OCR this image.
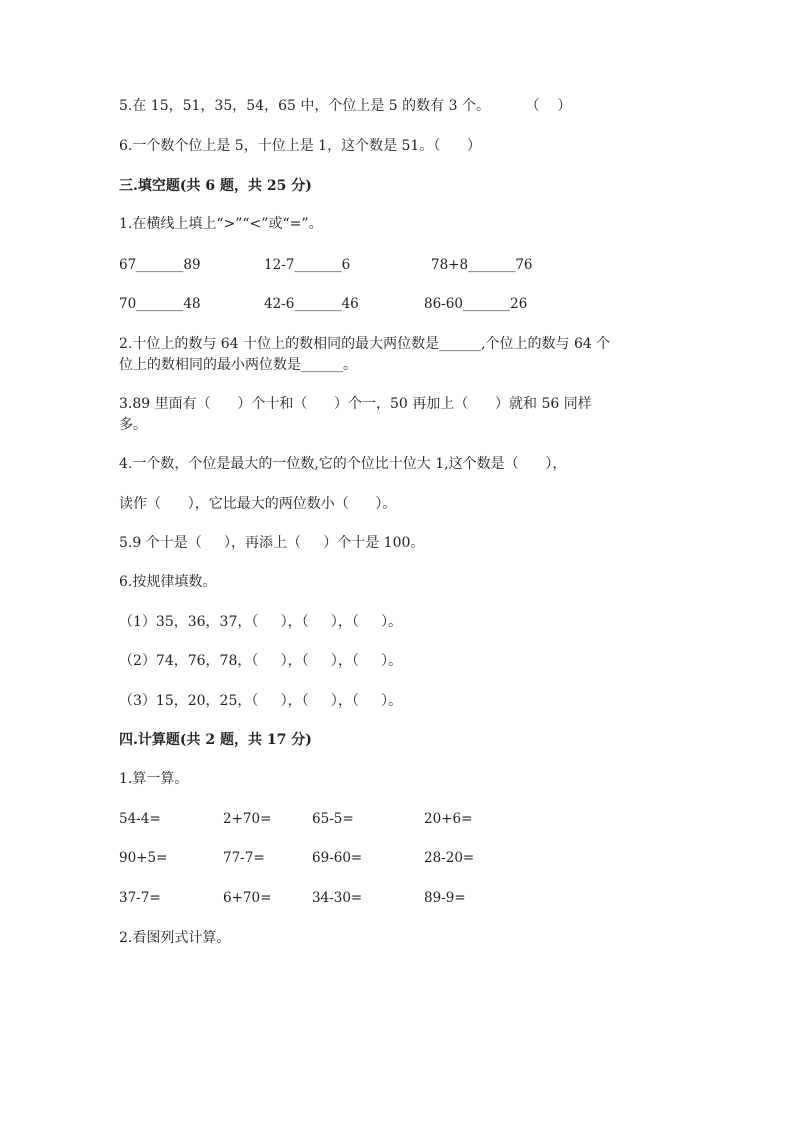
5.在 15，51，35，54，65 中，个位上是 5 的数有 3 个。        （    ）
6.一个数个位上是 5，十位上是 1，这个数是 51。（      ）
三.填空题(共 6 题，共 25 分)
1.在横线上填上“>”“<”或“=”。
67_______89	12-7_______6	78+8_______76
70_______48	42-6_______46	86-60_______26
2.十位上的数与 64 十位上的数相同的最大两位数是______,个位上的数与 64 个
位上的数相同的最小两位数是______。
3.89 里面有（      ）个十和（      ）个一，50 再加上（      ）就和 56 同样
多。
4.一个数，个位是最大的一位数,它的个位比十位大 1,这个数是（      ），
读作（      ），它比最大的两位数小（      ）。
5.9 个十是（     ），再添上（     ）个十是 100。
6.按规律填数。
（1）35，36，37，（     ），（     ），（     ）。
（2）74，76，78，（     ），（     ），（     ）。
（3）15，20，25，（     ），（     ），（     ）。
四.计算题(共 2 题，共 17 分)
1.算一算。
54-4=	2+70=	65-5=	20+6=
90+5=	77-7=	69-60=	28-20=
37-7=	6+70=	34-30=	89-9=
2.看图列式计算。
